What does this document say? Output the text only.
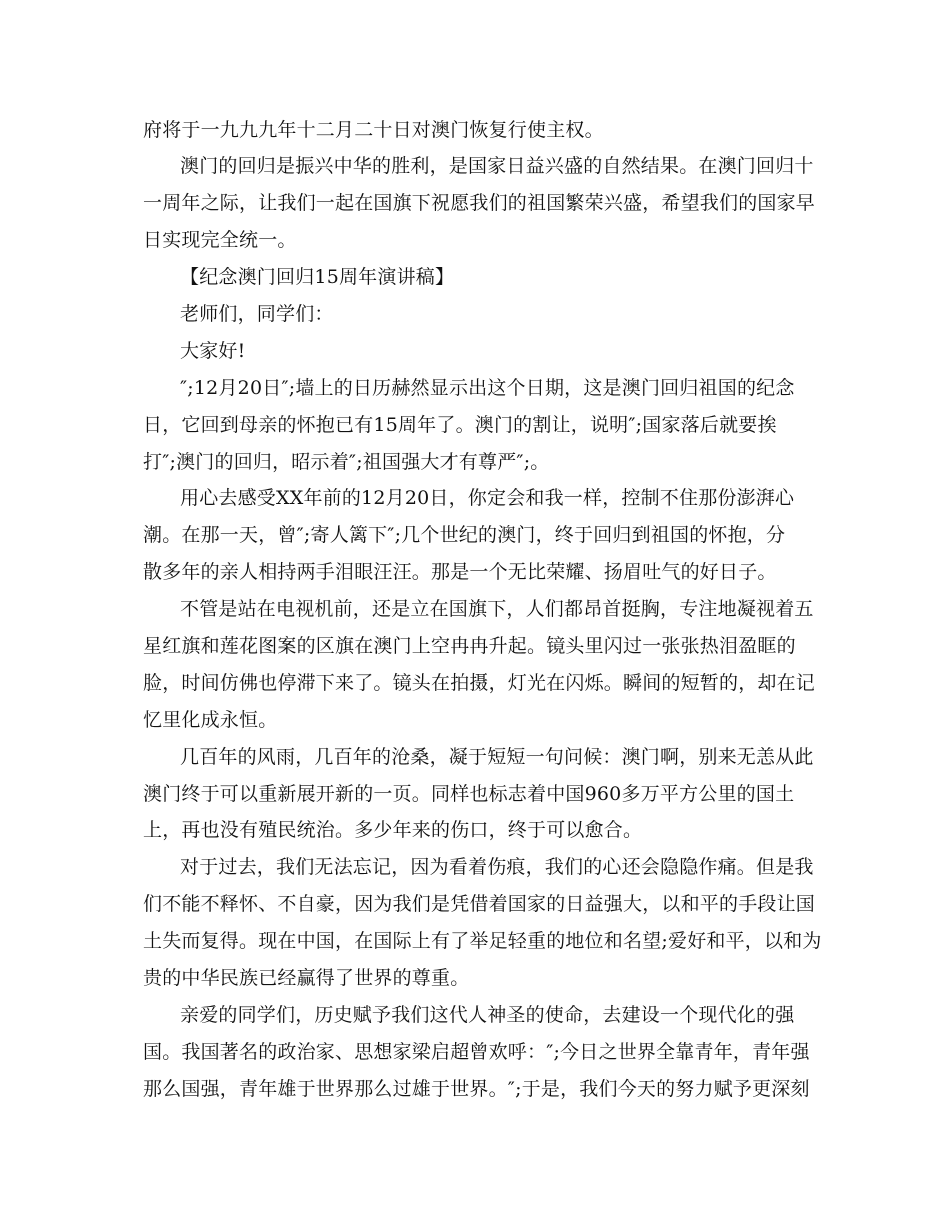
府将于一九九九年十二月二十日对澳门恢复行使主权。
澳门的回归是振兴中华的胜利，是国家日益兴盛的自然结果。在澳门回归十
一周年之际，让我们一起在国旗下祝愿我们的祖国繁荣兴盛，希望我们的国家早
日实现完全统一。
【纪念澳门回归15周年演讲稿】
老师们，同学们：
大家好!
″;12月20日″;墙上的日历赫然显示出这个日期，这是澳门回归祖国的纪念
日，它回到母亲的怀抱已有15周年了。澳门的割让，说明″;国家落后就要挨
打″;澳门的回归，昭示着″;祖国强大才有尊严″;。
用心去感受XX年前的12月20日，你定会和我一样，控制不住那份澎湃心
潮。在那一天，曾″;寄人篱下″;几个世纪的澳门，终于回归到祖国的怀抱，分
散多年的亲人相持两手泪眼汪汪。那是一个无比荣耀、扬眉吐气的好日子。
不管是站在电视机前，还是立在国旗下，人们都昂首挺胸，专注地凝视着五
星红旗和莲花图案的区旗在澳门上空冉冉升起。镜头里闪过一张张热泪盈眶的
脸，时间仿佛也停滞下来了。镜头在拍摄，灯光在闪烁。瞬间的短暂的，却在记
忆里化成永恒。
几百年的风雨，几百年的沧桑，凝于短短一句问候：澳门啊，别来无恙从此
澳门终于可以重新展开新的一页。同样也标志着中国960多万平方公里的国土
上，再也没有殖民统治。多少年来的伤口，终于可以愈合。
对于过去，我们无法忘记，因为看着伤痕，我们的心还会隐隐作痛。但是我
们不能不释怀、不自豪，因为我们是凭借着国家的日益强大，以和平的手段让国
土失而复得。现在中国，在国际上有了举足轻重的地位和名望;爱好和平，以和为
贵的中华民族已经赢得了世界的尊重。
亲爱的同学们，历史赋予我们这代人神圣的使命，去建设一个现代化的强
国。我国著名的政治家、思想家梁启超曾欢呼：″;今日之世界全靠青年，青年强
那么国强，青年雄于世界那么过雄于世界。″;于是，我们今天的努力赋予更深刻
